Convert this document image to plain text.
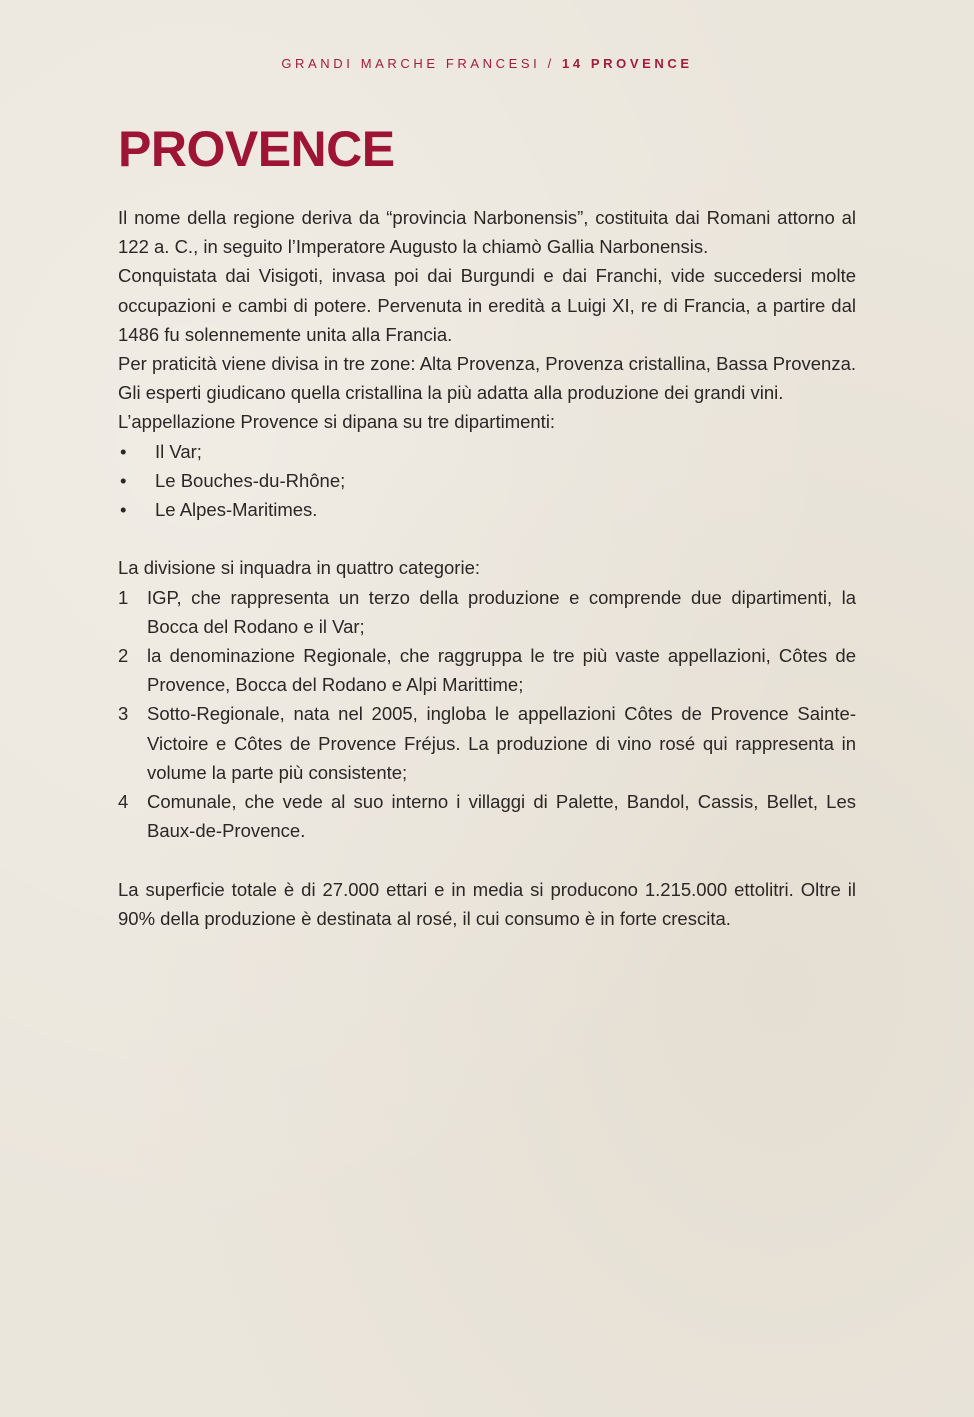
GRANDI MARCHE FRANCESI / 14 PROVENCE
PROVENCE

Il nome della regione deriva da “provincia Narbonensis”, costituita dai Romani attorno al 122 a. C., in seguito l’Imperatore Augusto la chiamò Gallia Narbonensis.

Conquistata dai Visigoti, invasa poi dai Burgundi e dai Franchi, vide succedersi molte occupazioni e cambi di potere. Pervenuta in eredità a Luigi XI, re di Francia, a partire dal 1486 fu solennemente unita alla Francia.

Per praticità viene divisa in tre zone: Alta Provenza, Provenza cristallina, Bassa Provenza. Gli esperti giudicano quella cristallina la più adatta alla produzione dei grandi vini.

L’appellazione Provence si dipana su tre dipartimenti:

• Il Var;
• Le Bouches-du-Rhône;
• Le Alpes-Maritimes.

La divisione si inquadra in quattro categorie:

1 IGP, che rappresenta un terzo della produzione e comprende due dipartimenti, la Bocca del Rodano e il Var;
2 la denominazione Regionale, che raggruppa le tre più vaste appellazioni, Côtes de Provence, Bocca del Rodano e Alpi Marittime;
3 Sotto-Regionale, nata nel 2005, ingloba le appellazioni Côtes de Provence Sainte-Victoire e Côtes de Provence Fréjus. La produzione di vino rosé qui rappresenta in volume la parte più consistente;
4 Comunale, che vede al suo interno i villaggi di Palette, Bandol, Cassis, Bellet, Les Baux-de-Provence.

La superficie totale è di 27.000 ettari e in media si producono 1.215.000 ettolitri. Oltre il 90% della produzione è destinata al rosé, il cui consumo è in forte crescita.
